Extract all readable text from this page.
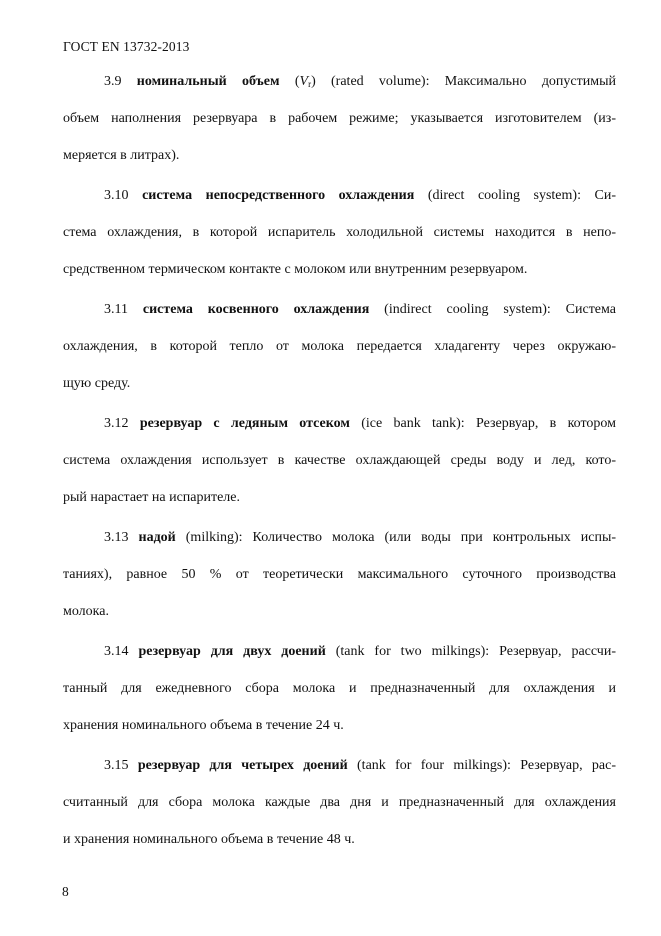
ГОСТ EN 13732-2013
3.9 номинальный объем $(V_r)$ (rated volume): Максимально допустимый
объем наполнения резервуара в рабочем режиме; указывается изготовителем (из-
меряется в литрах).
3.10 система непосредственного охлаждения (direct cooling system): Си-
стема охлаждения, в которой испаритель холодильной системы находится в непо-
средственном термическом контакте с молоком или внутренним резервуаром.
3.11 система косвенного охлаждения (indirect cooling system): Система
охлаждения, в которой тепло от молока передается хладагенту через окружаю-
щую среду.
3.12 резервуар с ледяным отсеком (ice bank tank): Резервуар, в котором
система охлаждения использует в качестве охлаждающей среды воду и лед, кото-
рый нарастает на испарителе.
3.13 надой (milking): Количество молока (или воды при контрольных испы-
таниях), равное 50 % от теоретически максимального суточного производства
молока.
3.14 резервуар для двух доений (tank for two milkings): Резервуар, рассчи-
танный для ежедневного сбора молока и предназначенный для охлаждения и
хранения номинального объема в течение 24 ч.
3.15 резервуар для четырех доений (tank for four milkings): Резервуар, рас-
считанный для сбора молока каждые два дня и предназначенный для охлаждения
и хранения номинального объема в течение 48 ч.
8
